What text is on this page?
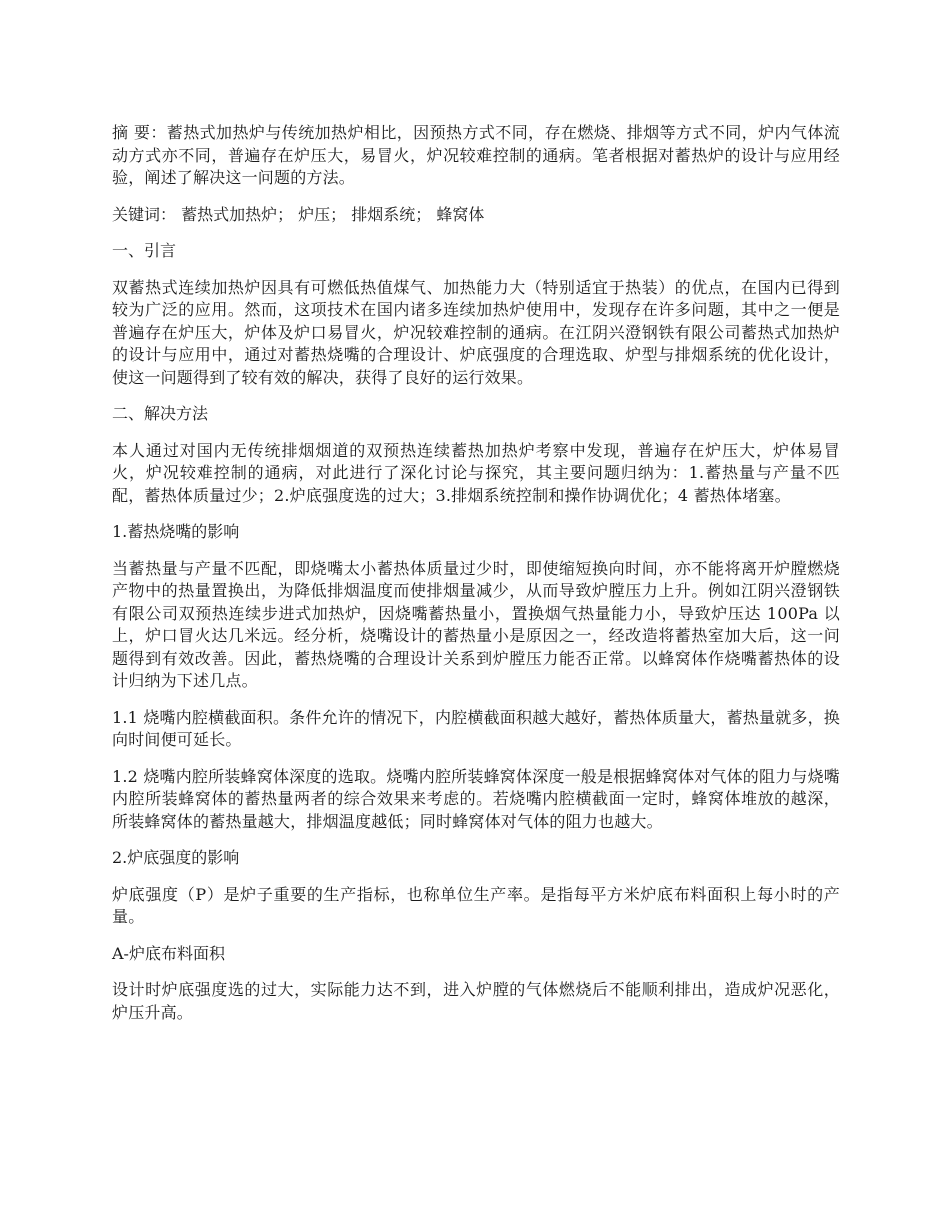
摘 要：蓄热式加热炉与传统加热炉相比，因预热方式不同，存在燃烧、排烟等方式不同，炉内气体流动方式亦不同，普遍存在炉压大，易冒火，炉况较难控制的通病。笔者根据对蓄热炉的设计与应用经验，阐述了解决这一问题的方法。

关键词： 蓄热式加热炉； 炉压； 排烟系统； 蜂窝体

一、引言

双蓄热式连续加热炉因具有可燃低热值煤气、加热能力大（特别适宜于热装）的优点，在国内已得到较为广泛的应用。然而，这项技术在国内诸多连续加热炉使用中，发现存在许多问题，其中之一便是普遍存在炉压大，炉体及炉口易冒火，炉况较难控制的通病。在江阴兴澄钢铁有限公司蓄热式加热炉的设计与应用中，通过对蓄热烧嘴的合理设计、炉底强度的合理选取、炉型与排烟系统的优化设计，使这一问题得到了较有效的解决，获得了良好的运行效果。

二、解决方法

本人通过对国内无传统排烟烟道的双预热连续蓄热加热炉考察中发现，普遍存在炉压大，炉体易冒火，炉况较难控制的通病，对此进行了深化讨论与探究，其主要问题归纳为：1.蓄热量与产量不匹配，蓄热体质量过少；2.炉底强度选的过大；3.排烟系统控制和操作协调优化；4 蓄热体堵塞。

1.蓄热烧嘴的影响

当蓄热量与产量不匹配，即烧嘴太小蓄热体质量过少时，即使缩短换向时间，亦不能将离开炉膛燃烧产物中的热量置换出，为降低排烟温度而使排烟量减少，从而导致炉膛压力上升。例如江阴兴澄钢铁有限公司双预热连续步进式加热炉，因烧嘴蓄热量小，置换烟气热量能力小，导致炉压达 100Pa 以上，炉口冒火达几米远。经分析，烧嘴设计的蓄热量小是原因之一，经改造将蓄热室加大后，这一问题得到有效改善。因此，蓄热烧嘴的合理设计关系到炉膛压力能否正常。以蜂窝体作烧嘴蓄热体的设计归纳为下述几点。

1.1 烧嘴内腔横截面积。条件允许的情况下，内腔横截面积越大越好，蓄热体质量大，蓄热量就多，换向时间便可延长。

1.2 烧嘴内腔所装蜂窝体深度的选取。烧嘴内腔所装蜂窝体深度一般是根据蜂窝体对气体的阻力与烧嘴内腔所装蜂窝体的蓄热量两者的综合效果来考虑的。若烧嘴内腔横截面一定时，蜂窝体堆放的越深，所装蜂窝体的蓄热量越大，排烟温度越低；同时蜂窝体对气体的阻力也越大。

2.炉底强度的影响

炉底强度（P）是炉子重要的生产指标，也称单位生产率。是指每平方米炉底布料面积上每小时的产量。

A-炉底布料面积

设计时炉底强度选的过大，实际能力达不到，进入炉膛的气体燃烧后不能顺利排出，造成炉况恶化，炉压升高。
